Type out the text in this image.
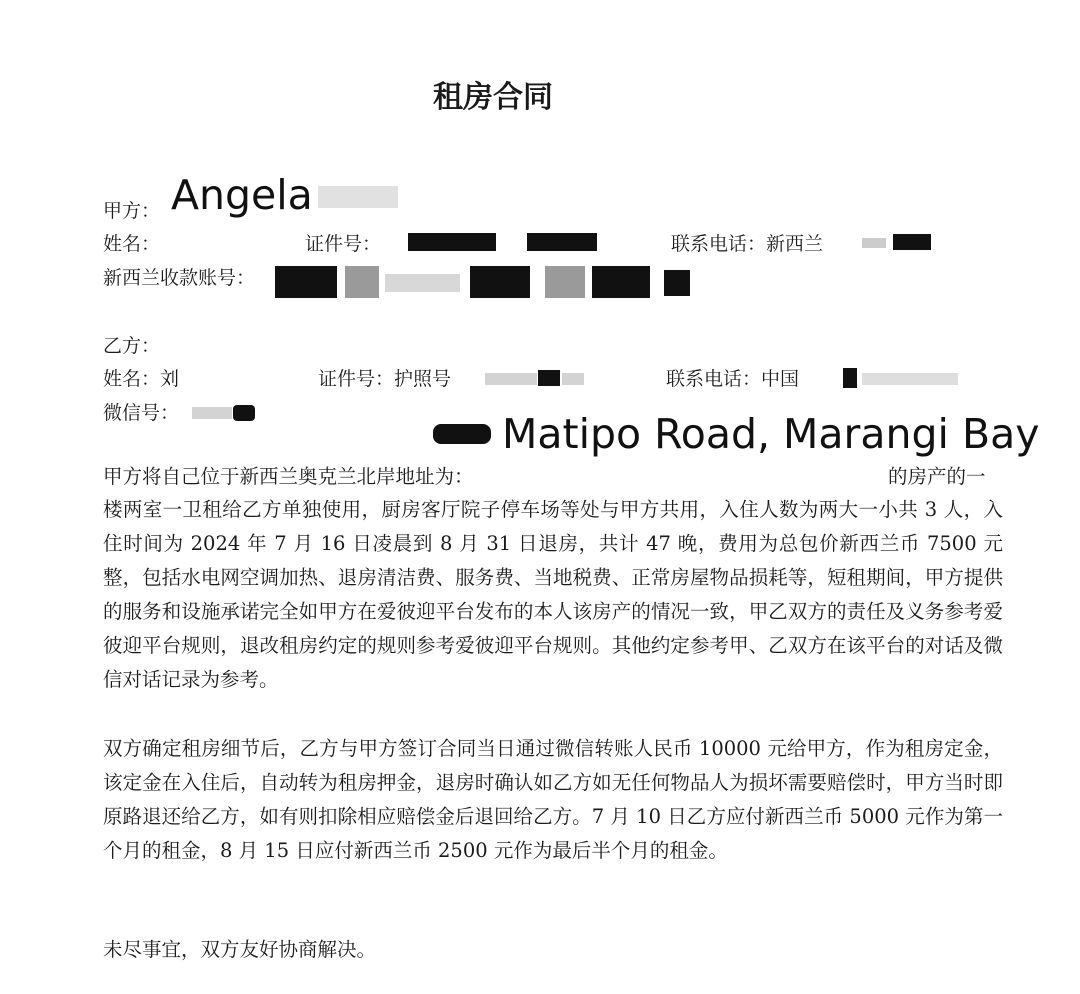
租房合同
甲方： Angela
姓名：	证件号：	联系电话：新西兰
新西兰收款账号：
乙方：
姓名：刘	证件号：护照号	联系电话：中国
微信号：	Matipo Road, Marangi Bay
甲方将自己位于新西兰奥克兰北岸地址为：	的房产的一
楼两室一卫租给乙方单独使用，厨房客厅院子停车场等处与甲方共用，入住人数为两大一小共 3 人，入住时间为 2024 年 7 月 16 日凌晨到 8 月 31 日退房，共计 47 晚，费用为总包价新西兰币 7500 元整，包括水电网空调加热、退房清洁费、服务费、当地税费、正常房屋物品损耗等，短租期间，甲方提供的服务和设施承诺完全如甲方在爱彼迎平台发布的本人该房产的情况一致，甲乙双方的责任及义务参考爱彼迎平台规则，退改租房约定的规则参考爱彼迎平台规则。其他约定参考甲、乙双方在该平台的对话及微信对话记录为参考。
双方确定租房细节后，乙方与甲方签订合同当日通过微信转账人民币 10000 元给甲方，作为租房定金，该定金在入住后，自动转为租房押金，退房时确认如乙方如无任何物品人为损坏需要赔偿时，甲方当时即原路退还给乙方，如有则扣除相应赔偿金后退回给乙方。7 月 10 日乙方应付新西兰币 5000 元作为第一个月的租金，8 月 15 日应付新西兰币 2500 元作为最后半个月的租金。
未尽事宜，双方友好协商解决。
